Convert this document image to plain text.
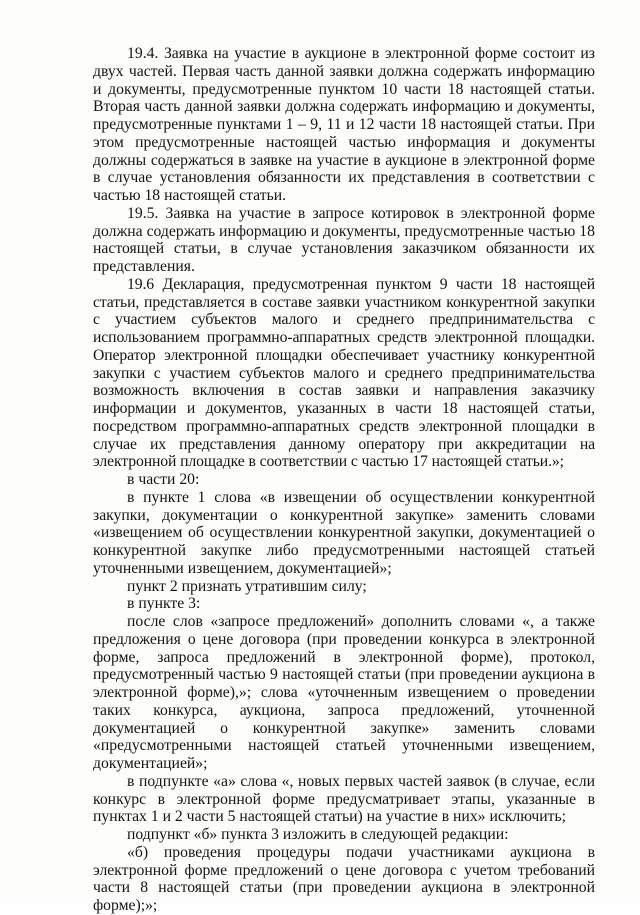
19.4. Заявка на участие в аукционе в электронной форме состоит из двух частей. Первая часть данной заявки должна содержать информацию и документы, предусмотренные пунктом 10 части 18 настоящей статьи. Вторая часть данной заявки должна содержать информацию и документы, предусмотренные пунктами 1 – 9, 11 и 12 части 18 настоящей статьи. При этом предусмотренные настоящей частью информация и документы должны содержаться в заявке на участие в аукционе в электронной форме в случае установления обязанности их представления в соответствии с частью 18 настоящей статьи.

19.5. Заявка на участие в запросе котировок в электронной форме должна содержать информацию и документы, предусмотренные частью 18 настоящей статьи, в случае установления заказчиком обязанности их представления.

19.6 Декларация, предусмотренная пунктом 9 части 18 настоящей статьи, представляется в составе заявки участником конкурентной закупки с участием субъектов малого и среднего предпринимательства с использованием программно-аппаратных средств электронной площадки. Оператор электронной площадки обеспечивает участнику конкурентной закупки с участием субъектов малого и среднего предпринимательства возможность включения в состав заявки и направления заказчику информации и документов, указанных в части 18 настоящей статьи, посредством программно-аппаратных средств электронной площадки в случае их представления данному оператору при аккредитации на электронной площадке в соответствии с частью 17 настоящей статьи.»;

в части 20:

в пункте 1 слова «в извещении об осуществлении конкурентной закупки, документации о конкурентной закупке» заменить словами «извещением об осуществлении конкурентной закупки, документацией о конкурентной закупке либо предусмотренными настоящей статьей уточненными извещением, документацией»;

пункт 2 признать утратившим силу;

в пункте 3:

после слов «запросе предложений» дополнить словами «, а также предложения о цене договора (при проведении конкурса в электронной форме, запроса предложений в электронной форме), протокол, предусмотренный частью 9 настоящей статьи (при проведении аукциона в электронной форме),»; слова «уточненным извещением о проведении таких конкурса, аукциона, запроса предложений, уточненной документацией о конкурентной закупке» заменить словами «предусмотренными настоящей статьей уточненными извещением, документацией»;

в подпункте «а» слова «, новых первых частей заявок (в случае, если конкурс в электронной форме предусматривает этапы, указанные в пунктах 1 и 2 части 5 настоящей статьи) на участие в них» исключить;

подпункт «б» пункта 3 изложить в следующей редакции:

«б) проведения процедуры подачи участниками аукциона в электронной форме предложений о цене договора с учетом требований части 8 настоящей статьи (при проведении аукциона в электронной форме);»;
